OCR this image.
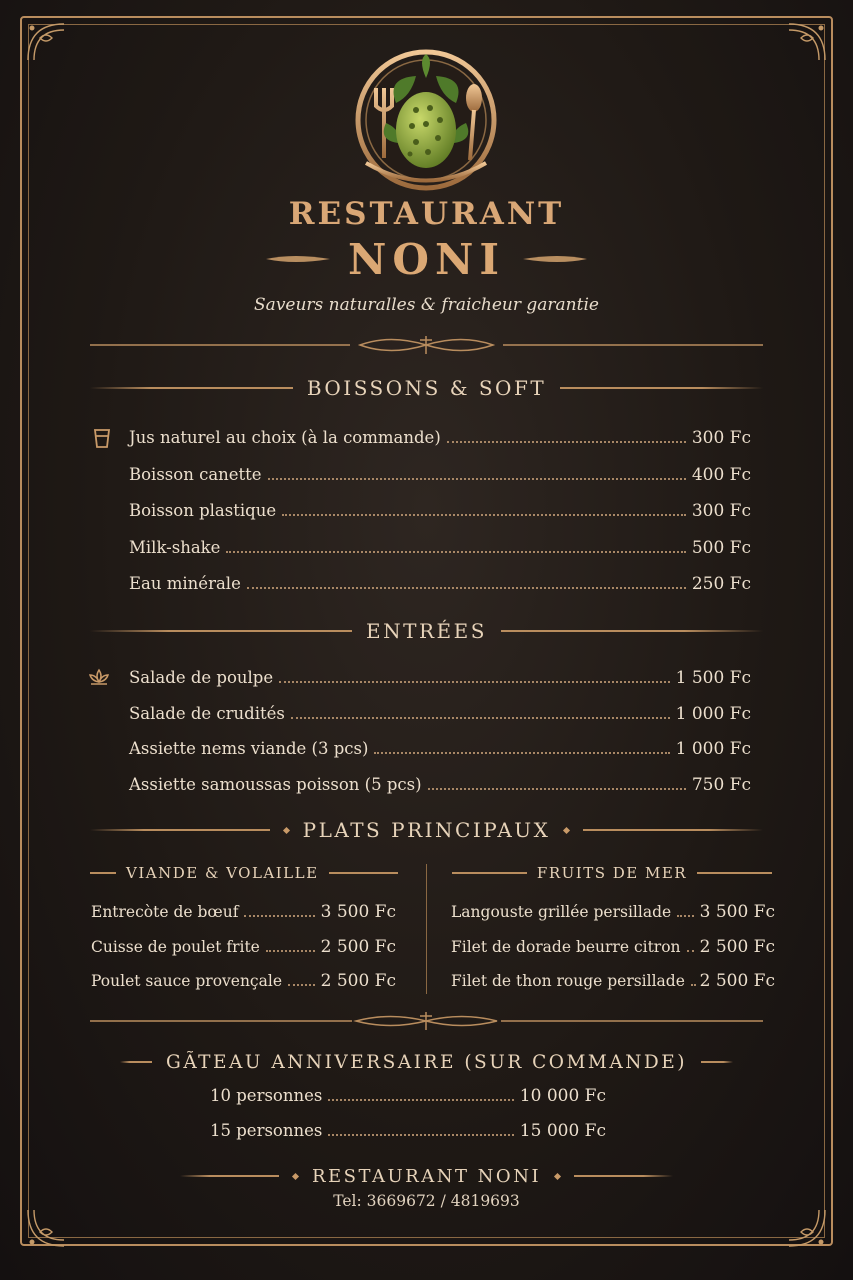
RESTAURANT
NONI
Saveurs naturalles & fraicheur garantie
BOISSONS & SOFT
Jus naturel au choix (à la commande)	300 Fc
Boisson canette	400 Fc
Boisson plastique	300 Fc
Milk-shake	500 Fc
Eau minérale	250 Fc
ENTRÉES
Salade de poulpe	1 500 Fc
Salade de crudités	1 000 Fc
Assiette nems viande (3 pcs)	1 000 Fc
Assiette samoussas poisson (5 pcs)	750 Fc
PLATS PRINCIPAUX
VIANDE & VOLAILLE	FRUITS DE MER
Entrecòte de bœuf	3 500 Fc
Cuisse de poulet frite	2 500 Fc
Poulet sauce provençale 2 500 Fc
Langouste grillée persillade 3 500 Fc
Filet de dorade beurre citron 2 500 Fc
Filet de thon rouge persillade 2 500 Fc
GÃTEAU ANNIVERSAIRE (SUR COMMANDE)
10 personnes	10 000 Fc
15 personnes	15 000 Fc
RESTAURANT NONI
Tel: 3669672 / 4819693
